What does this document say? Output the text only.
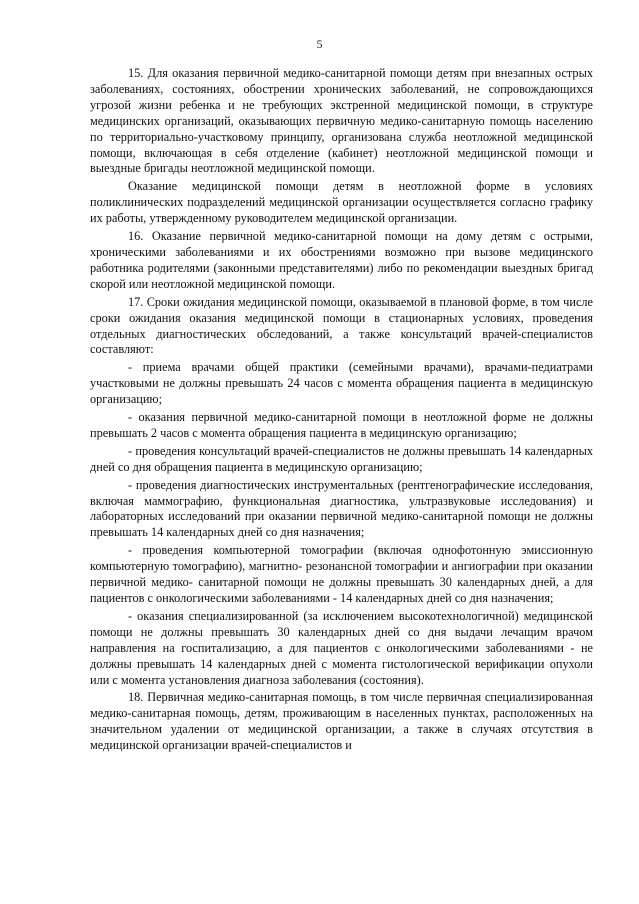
5

15. Для оказания первичной медико-санитарной помощи детям при внезапных острых заболеваниях, состояниях, обострении хронических заболеваний, не сопровождающихся угрозой жизни ребенка и не требующих экстренной медицинской помощи, в структуре медицинских организаций, оказывающих первичную медико-санитарную помощь населению по территориально-участковому принципу, организована служба неотложной медицинской помощи, включающая в себя отделение (кабинет) неотложной медицинской помощи и выездные бригады неотложной медицинской помощи.

Оказание медицинской помощи детям в неотложной форме в условиях поликлинических подразделений медицинской организации осуществляется согласно графику их работы, утвержденному руководителем медицинской организации.

16. Оказание первичной медико-санитарной помощи на дому детям с острыми, хроническими заболеваниями и их обострениями возможно при вызове медицинского работника родителями (законными представителями) либо по рекомендации выездных бригад скорой или неотложной медицинской помощи.

17. Сроки ожидания медицинской помощи, оказываемой в плановой форме, в том числе сроки ожидания оказания медицинской помощи в стационарных условиях, проведения отдельных диагностических обследований, а также консультаций врачей-специалистов составляют:

- приема врачами общей практики (семейными врачами), врачами-педиатрами участковыми не должны превышать 24 часов с момента обращения пациента в медицинскую организацию;

- оказания первичной медико-санитарной помощи в неотложной форме не должны превышать 2 часов с момента обращения пациента в медицинскую организацию;

- проведения консультаций врачей-специалистов не должны превышать 14 календарных дней со дня обращения пациента в медицинскую организацию;

- проведения диагностических инструментальных (рентгенографические исследования, включая маммографию, функциональная диагностика, ультразвуковые исследования) и лабораторных исследований при оказании первичной медико-санитарной помощи не должны превышать 14 календарных дней со дня назначения;

- проведения компьютерной томографии (включая однофотонную эмиссионную компьютерную томографию), магнитно- резонансной томографии и ангиографии при оказании первичной медико- санитарной помощи не должны превышать 30 календарных дней, а для пациентов с онкологическими заболеваниями - 14 календарных дней со дня назначения;

- оказания специализированной (за исключением высокотехнологичной) медицинской помощи не должны превышать 30 календарных дней со дня выдачи лечащим врачом направления на госпитализацию, а для пациентов с онкологическими заболеваниями - не должны превышать 14 календарных дней с момента гистологической верификации опухоли или с момента установления диагноза заболевания (состояния).

18. Первичная медико-санитарная помощь, в том числе первичная специализированная медико-санитарная помощь, детям, проживающим в населенных пунктах, расположенных на значительном удалении от медицинской организации, а также в случаях отсутствия в медицинской организации врачей-специалистов и
